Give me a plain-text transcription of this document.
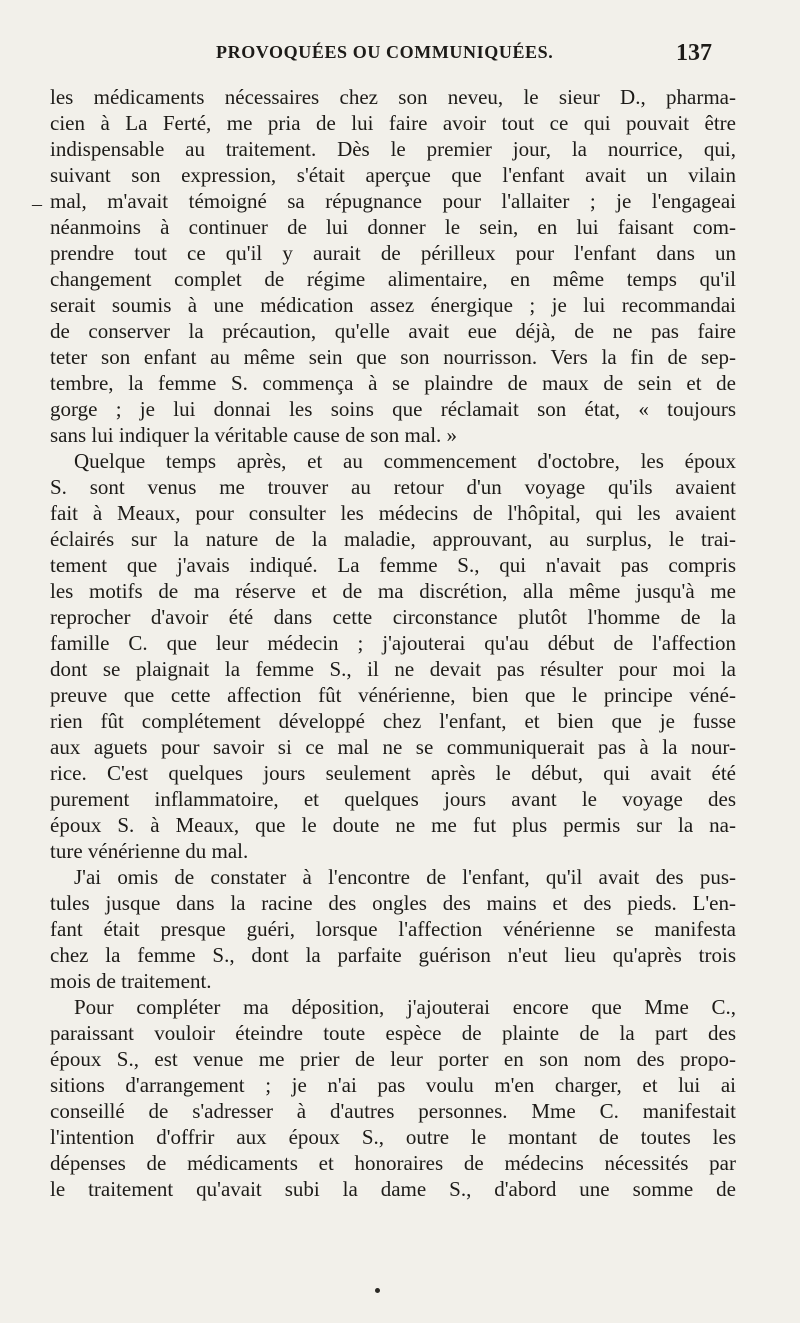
PROVOQUÉES OU COMMUNIQUÉES.	137
–
les médicaments nécessaires chez son neveu, le sieur D., pharma-
cien à La Ferté, me pria de lui faire avoir tout ce qui pouvait être
indispensable au traitement. Dès le premier jour, la nourrice, qui,
suivant son expression, s'était aperçue que l'enfant avait un vilain
mal, m'avait témoigné sa répugnance pour l'allaiter ; je l'engageai
néanmoins à continuer de lui donner le sein, en lui faisant com-
prendre tout ce qu'il y aurait de périlleux pour l'enfant dans un
changement complet de régime alimentaire, en même temps qu'il
serait soumis à une médication assez énergique ; je lui recommandai
de conserver la précaution, qu'elle avait eue déjà, de ne pas faire
teter son enfant au même sein que son nourrisson. Vers la fin de sep-
tembre, la femme S. commença à se plaindre de maux de sein et de
gorge ; je lui donnai les soins que réclamait son état, « toujours
sans lui indiquer la véritable cause de son mal. »
Quelque temps après, et au commencement d'octobre, les époux
S. sont venus me trouver au retour d'un voyage qu'ils avaient
fait à Meaux, pour consulter les médecins de l'hôpital, qui les avaient
éclairés sur la nature de la maladie, approuvant, au surplus, le trai-
tement que j'avais indiqué. La femme S., qui n'avait pas compris
les motifs de ma réserve et de ma discrétion, alla même jusqu'à me
reprocher d'avoir été dans cette circonstance plutôt l'homme de la
famille C. que leur médecin ; j'ajouterai qu'au début de l'affection
dont se plaignait la femme S., il ne devait pas résulter pour moi la
preuve que cette affection fût vénérienne, bien que le principe véné-
rien fût complétement développé chez l'enfant, et bien que je fusse
aux aguets pour savoir si ce mal ne se communiquerait pas à la nour-
rice. C'est quelques jours seulement après le début, qui avait été
purement inflammatoire, et quelques jours avant le voyage des
époux S. à Meaux, que le doute ne me fut plus permis sur la na-
ture vénérienne du mal.
J'ai omis de constater à l'encontre de l'enfant, qu'il avait des pus-
tules jusque dans la racine des ongles des mains et des pieds. L'en-
fant était presque guéri, lorsque l'affection vénérienne se manifesta
chez la femme S., dont la parfaite guérison n'eut lieu qu'après trois
mois de traitement.
Pour compléter ma déposition, j'ajouterai encore que Mme C.,
paraissant vouloir éteindre toute espèce de plainte de la part des
époux S., est venue me prier de leur porter en son nom des propo-
sitions d'arrangement ; je n'ai pas voulu m'en charger, et lui ai
conseillé de s'adresser à d'autres personnes. Mme C. manifestait
l'intention d'offrir aux époux S., outre le montant de toutes les
dépenses de médicaments et honoraires de médecins nécessités par
le traitement qu'avait subi la dame S., d'abord une somme de
